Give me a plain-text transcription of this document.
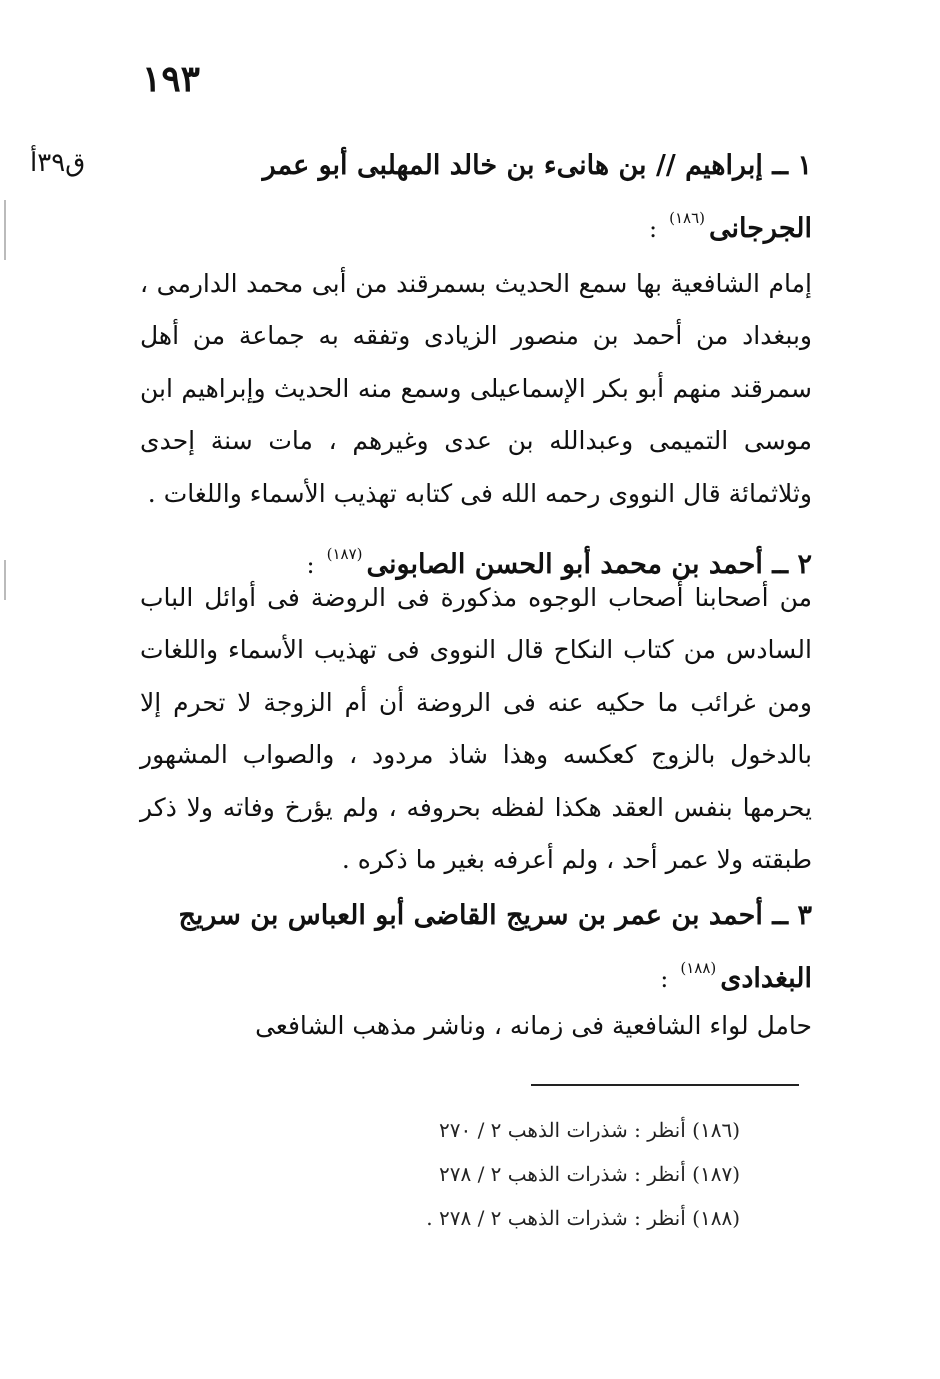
١٩٣
ق٣٩أ	١ ــ إبراهيم // بن هانىء بن خالد المهلبى أبو عمر الجرجانى$^{(١٨٦)}$:
إمام الشافعية بها سمع الحديث بسمرقند من أبى محمد الدارمى ، وببغداد من أحمد بن منصور الزيادى وتفقه به جماعة من أهل سمرقند منهم أبو بكر الإسماعيلى وسمع منه الحديث وإبراهيم ابن موسى التميمى وعبدالله بن عدى وغيرهم ، مات سنة إحدى وثلاثمائة قال النووى رحمه الله فى كتابه تهذيب الأسماء واللغات .
٢ ــ أحمد بن محمد أبو الحسن الصابونى$^{(١٨٧)}$:
من أصحابنا أصحاب الوجوه مذكورة فى الروضة فى أوائل الباب السادس من كتاب النكاح قال النووى فى تهذيب الأسماء واللغات ومن غرائب ما حكيه عنه فى الروضة أن أم الزوجة لا تحرم إلا بالدخول بالزوج كعكسه وهذا شاذ مردود ، والصواب المشهور يحرمها بنفس العقد هكذا لفظه بحروفه ، ولم يؤرخ وفاته ولا ذكر طبقته ولا عمر أحد ، ولم أعرفه بغير ما ذكره .
٣ ــ أحمد بن عمر بن سريج القاضى أبو العباس بن سريج البغدادى$^{(١٨٨)}$:
حامل لواء الشافعية فى زمانه ، وناشر مذهب الشافعى
(١٨٦) أنظر : شذرات الذهب ٢ / ٢٧٠
(١٨٧) أنظر : شذرات الذهب ٢ / ٢٧٨
(١٨٨) أنظر : شذرات الذهب ٢ / ٢٧٨ .
